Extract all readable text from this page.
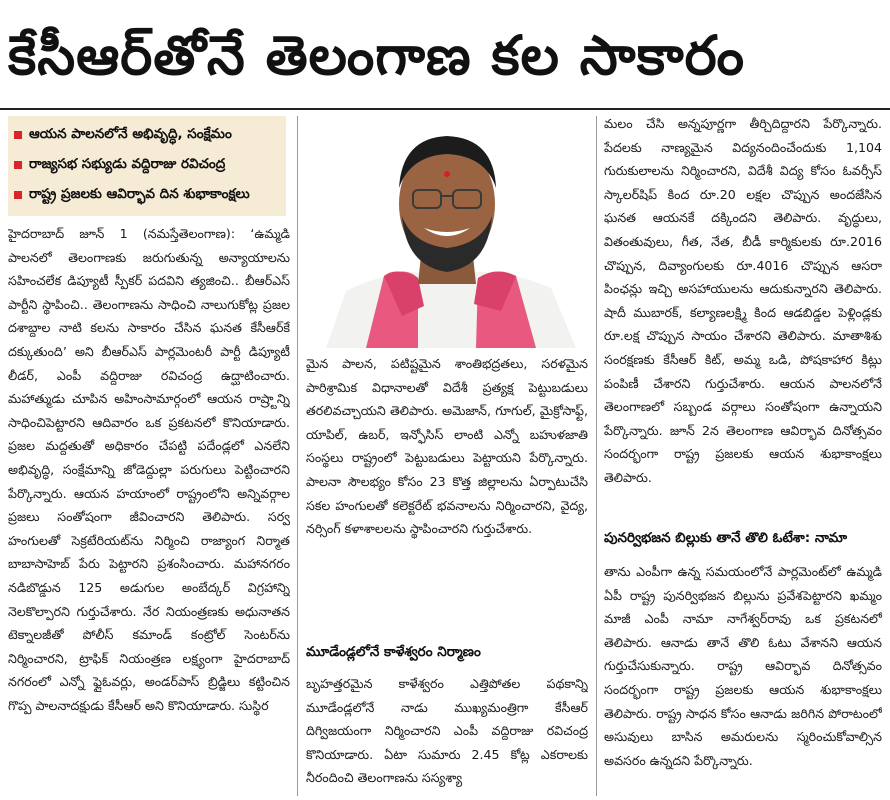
కేసీఆర్‌తోనే తెలంగాణ కల సాకారం
ఆయన పాలనలోనే అభివృద్ధి, సంక్షేమం
రాజ్యసభ సభ్యుడు వద్దిరాజు రవిచంద్ర
రాష్ట్ర ప్రజలకు ఆవిర్భావ దిన శుభాకాంక్షలు

హైదరాబాద్‌ జూన్‌ 1 (నమస్తేతెలంగాణ): ‘ఉమ్మడి పాలనలో తెలంగాణకు జరుగుతున్న అన్యాయాలను సహించలేక డిప్యూటీ స్పీకర్‌ పదవిని త్యజించి.. బీఆర్‌ఎస్‌ పార్టీని స్థాపించి.. తెలంగాణను సాధించి నాలుగుకోట్ల ప్రజల దశాబ్దాల నాటి కలను సాకారం చేసిన ఘనత కేసీఆర్‌కే దక్కుతుంది’ అని బీఆర్‌ఎస్‌ పార్లమెంటరీ పార్టీ డిప్యూటీ లీడర్‌, ఎంపీ వద్దిరాజు రవిచంద్ర ఉద్ఘాటించారు. మహాత్ముడు చూపిన అహింసామార్గంలో ఆయన రాష్ర్టాన్ని సాధించిపెట్టారని ఆదివారం ఒక ప్రకటనలో కొనియాడారు. ప్రజల మద్దతుతో అధికారం చేపట్టి పదేండ్లలో ఎనలేని అభివృద్ధి, సంక్షేమాన్ని జోడెద్దుల్లా పరుగులు పెట్టించారని పేర్కొన్నారు. ఆయన హయాంలో రాష్ట్రంలోని అన్నివర్గాల ప్రజలు సంతోషంగా జీవించారని తెలిపారు. సర్వ హంగులతో సెక్రటేరియట్‌ను నిర్మించి రాజ్యాంగ నిర్మాత బాబాసాహెబ్‌ పేరు పెట్టారని ప్రశంసించారు. మహానగరం నడిబొడ్డున 125 అడుగుల అంబేద్కర్‌ విగ్రహాన్ని నెలకొల్పారని గుర్తుచేశారు. నేర నియంత్రణకు అధునాతన టెక్నాలజీతో పోలీస్‌ కమాండ్‌ కంట్రోల్‌ సెంటర్‌ను నిర్మించారని, ట్రాఫిక్‌ నియంత్రణ లక్ష్యంగా హైదరాబాద్‌ నగరంలో ఎన్నో ఫ్లైఓవర్లు, అండర్‌పాస్‌ బ్రిడ్జిలు కట్టించిన గొప్ప పాలనాదక్షుడు కేసీఆర్‌ అని కొనియాడారు. సుస్థిర

మైన పాలన, పటిష్టమైన శాంతిభద్రతలు, సరళమైన పారిశ్రామిక విధానాలతో విదేశీ ప్రత్యక్ష పెట్టుబడులు తరలివచ్చాయని తెలిపారు. అమెజాన్‌, గూగుల్‌, మైక్రోసాఫ్ట్‌, యాపిల్‌, ఉబర్‌, ఇన్ఫోసిస్‌ లాంటి ఎన్నో బహుళజాతి సంస్థలు రాష్ట్రంలో పెట్టుబడులు పెట్టాయని పేర్కొన్నారు. పాలనా సౌలభ్యం కోసం 23 కొత్త జిల్లాలను ఏర్పాటుచేసి సకల హంగులతో కలెక్టరేట్‌ భవనాలను నిర్మించారని, వైద్య, నర్సింగ్‌ కళాశాలలను స్థాపించారని గుర్తుచేశారు.

మూడేండ్లలోనే కాళేశ్వరం నిర్మాణం

బృహత్తరమైన కాళేశ్వరం ఎత్తిపోతల పథకాన్ని మూడేండ్లలోనే నాడు ముఖ్యమంత్రిగా కేసీఆర్‌ దిగ్విజయంగా నిర్మించారని ఎంపీ వద్దిరాజు రవిచంద్ర కొనియాడారు. ఏటా సుమారు 2.45 కోట్ల ఎకరాలకు నీరందించి తెలంగాణను సస్యశ్యా

మలం చేసి అన్నపూర్ణగా తీర్చిదిద్దారని పేర్కొన్నారు. పేదలకు నాణ్యమైన విద్యనందించేందుకు 1,104 గురుకులాలను నిర్మించారని, విదేశీ విద్య కోసం ఓవర్సీస్‌ స్కాలర్‌షిప్‌ కింద రూ.20 లక్షల చొప్పున అందజేసిన ఘనత ఆయనకే దక్కిందని తెలిపారు. వృద్ధులు, వితంతువులు, గీత, నేత, బీడీ కార్మికులకు రూ.2016 చొప్పున, దివ్యాంగులకు రూ.4016 చొప్పున ఆసరా పింఛన్లు ఇచ్చి అసహాయులను ఆదుకున్నారని తెలిపారు. షాదీ ముబారక్‌, కల్యాణలక్ష్మి కింద ఆడబిడ్డల పెళ్లిండ్లకు రూ.లక్ష చొప్పున సాయం చేశారని తెలిపారు. మాతాశిశు సంరక్షణకు కేసీఆర్‌ కిట్‌, అమ్మ ఒడి, పోషకాహార కిట్లు పంపిణీ చేశారని గుర్తుచేశారు. ఆయన పాలనలోనే తెలంగాణలో సబ్బండ వర్గాలు సంతోషంగా ఉన్నాయని పేర్కొన్నారు. జూన్‌ 2న తెలంగాణ ఆవిర్భావ దినోత్సవం సందర్భంగా రాష్ట్ర ప్రజలకు ఆయన శుభాకాంక్షలు తెలిపారు.

పునర్విభజన బిల్లుకు తానే తొలి ఓటేశా: నామా

తాను ఎంపీగా ఉన్న సమయంలోనే పార్లమెంట్‌లో ఉమ్మడి ఏపీ రాష్ట్ర పునర్విభజన బిల్లును ప్రవేశపెట్టారని ఖమ్మం మాజీ ఎంపీ నామా నాగేశ్వర్‌రావు ఒక ప్రకటనలో తెలిపారు. ఆనాడు తానే తొలి ఓటు వేశానని ఆయన గుర్తుచేసుకున్నారు. రాష్ట్ర ఆవిర్భావ దినోత్సవం సందర్భంగా రాష్ట్ర ప్రజలకు ఆయన శుభాకాంక్షలు తెలిపారు. రాష్ట్ర సాధన కోసం ఆనాడు జరిగిన పోరాటంలో అసువులు బాసిన అమరులను స్మరించుకోవాల్సిన అవసరం ఉన్నదని పేర్కొన్నారు.
